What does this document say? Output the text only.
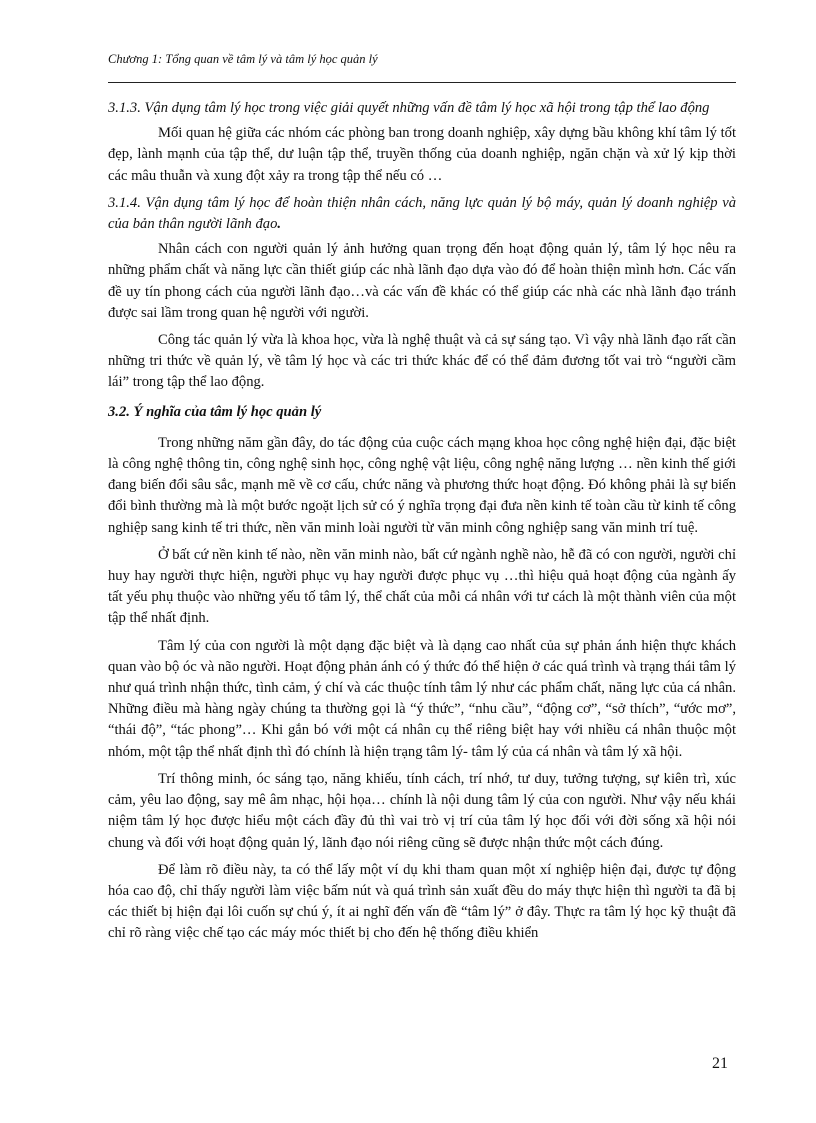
Chương 1: Tổng quan về tâm lý và tâm lý học quản lý

3.1.3. Vận dụng tâm lý học trong việc giải quyết những vấn đề tâm lý học xã hội trong tập thể lao động

Mối quan hệ giữa các nhóm các phòng ban trong doanh nghiệp, xây dựng bầu không khí tâm lý tốt đẹp, lành mạnh của tập thể, dư luận tập thể, truyền thống của doanh nghiệp, ngăn chặn và xử lý kịp thời các mâu thuẫn và xung đột xảy ra trong tập thể nếu có …

3.1.4. Vận dụng tâm lý học để hoàn thiện nhân cách, năng lực quản lý bộ máy, quản lý doanh nghiệp và của bản thân người lãnh đạo.

Nhân cách con người quản lý ảnh hưởng quan trọng đến hoạt động quản lý, tâm lý học nêu ra những phẩm chất và năng lực cần thiết giúp các nhà lãnh đạo dựa vào đó để hoàn thiện mình hơn. Các vấn đề uy tín phong cách của người lãnh đạo…và các vấn đề khác có thể giúp các nhà các nhà lãnh đạo tránh được sai lầm trong quan hệ người với người.

Công tác quản lý vừa là khoa học, vừa là nghệ thuật và cả sự sáng tạo. Vì vậy nhà lãnh đạo rất cần những tri thức về quản lý, về tâm lý học và các tri thức khác để có thể đảm đương tốt vai trò “người cầm lái” trong tập thể lao động.

3.2. Ý nghĩa của tâm lý học quản lý

Trong những năm gần đây, do tác động của cuộc cách mạng khoa học công nghệ hiện đại, đặc biệt là công nghệ thông tin, công nghệ sinh học, công nghệ vật liệu, công nghệ năng lượng … nền kinh thế giới đang biến đổi sâu sắc, mạnh mẽ về cơ cấu, chức năng và phương thức hoạt động. Đó không phải là sự biến đổi bình thường mà là một bước ngoặt lịch sử có ý nghĩa trọng đại đưa nền kinh tế toàn cầu từ kinh tế công nghiệp sang kinh tế tri thức, nền văn minh loài người từ văn minh công nghiệp sang văn minh trí tuệ.

Ở bất cứ nền kinh tế nào, nền văn minh nào, bất cứ ngành nghề nào, hễ đã có con người, người chỉ huy hay người thực hiện, người phục vụ hay người được phục vụ …thì hiệu quả hoạt động của ngành ấy tất yếu phụ thuộc vào những yếu tố tâm lý, thể chất của mỗi cá nhân với tư cách là một thành viên của một tập thể nhất định.

Tâm lý của con người là một dạng đặc biệt và là dạng cao nhất của sự phản ánh hiện thực khách quan vào bộ óc và não người. Hoạt động phản ánh có ý thức đó thể hiện ở các quá trình và trạng thái tâm lý như quá trình nhận thức, tình cảm, ý chí và các thuộc tính tâm lý như các phẩm chất, năng lực của cá nhân. Những điều mà hàng ngày chúng ta thường gọi là “ý thức”, “nhu cầu”, “động cơ”, “sở thích”, “ước mơ”, “thái độ”, “tác phong”… Khi gắn bó với một cá nhân cụ thể riêng biệt hay với nhiều cá nhân thuộc một nhóm, một tập thể nhất định thì đó chính là hiện trạng tâm lý- tâm lý của cá nhân và tâm lý xã hội.

Trí thông minh, óc sáng tạo, năng khiếu, tính cách, trí nhớ, tư duy, tưởng tượng, sự kiên trì, xúc cảm, yêu lao động, say mê âm nhạc, hội họa… chính là nội dung tâm lý của con người. Như vậy nếu khái niệm tâm lý học được hiểu một cách đầy đủ thì vai trò vị trí của tâm lý học đối với đời sống xã hội nói chung và đối với hoạt động quản lý, lãnh đạo nói riêng cũng sẽ được nhận thức một cách đúng.

Để làm rõ điều này, ta có thể lấy một ví dụ khi tham quan một xí nghiệp hiện đại, được tự động hóa cao độ, chỉ thấy người làm việc bấm nút và quá trình sản xuất đều do máy thực hiện thì người ta đã bị các thiết bị hiện đại lôi cuốn sự chú ý, ít ai nghĩ đến vấn đề “tâm lý” ở đây. Thực ra tâm lý học kỹ thuật đã chỉ rõ ràng việc chế tạo các máy móc thiết bị cho đến hệ thống điều khiển

21
